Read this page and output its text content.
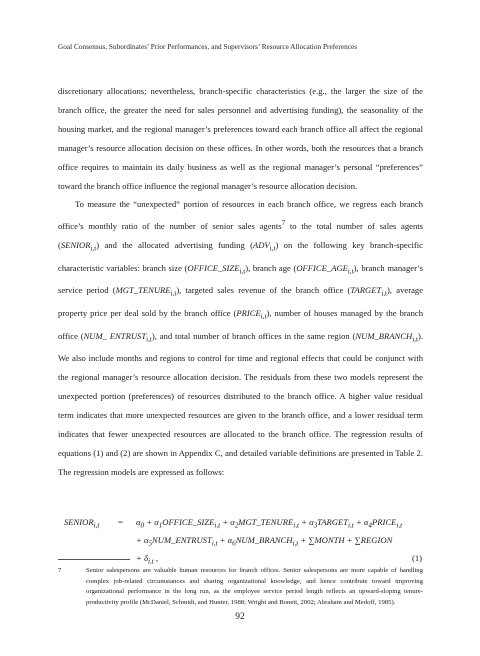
Goal Consensus, Subordinates’ Prior Performances, and Supervisors’ Resource Allocation Preferences

discretionary allocations; nevertheless, branch-specific characteristics (e.g., the larger the size of the branch office, the greater the need for sales personnel and advertising funding), the seasonality of the housing market, and the regional manager’s preferences toward each branch office all affect the regional manager’s resource allocation decision on these offices. In other words, both the resources that a branch office requires to maintain its daily business as well as the regional manager’s personal “preferences” toward the branch office influence the regional manager’s resource allocation decision.

To measure the “unexpected” portion of resources in each branch office, we regress each branch office’s monthly ratio of the number of senior sales agents$^7$ to the total number of sales agents $(SENIOR_{i,t})$ and the allocated advertising funding $(ADV_{i,t})$ on the following key branch-specific characteristic variables: branch size $(OFFICE\_SIZE_{i,t})$, branch age $(OFFICE\_AGE_{i,t})$, branch manager’s service period $(MGT\_TENURE_{i,t})$, targeted sales revenue of the branch office $(TARGET_{i,t})$, average property price per deal sold by the branch office $(PRICE_{i,t})$, number of houses managed by the branch office (NUM_ $ENTRUST_{i,t}$), and total number of branch offices in the same region $(NUM\_BRANCH_{i,t})$. We also include months and regions to control for time and regional effects that could be conjunct with the regional manager’s resource allocation decision. The residuals from these two models represent the unexpected portion (preferences) of resources distributed to the branch office. A higher value residual term indicates that more unexpected resources are given to the branch office, and a lower residual term indicates that fewer unexpected resources are allocated to the branch office. The regression results of equations (1) and (2) are shown in Appendix C, and detailed variable definitions are presented in Table 2. The regression models are expressed as follows:

$SENIOR_{i,t}$	=	$\alpha_0$ + $\alpha_1OFFICE\_SIZE_{i,t}$ + $\alpha_2MGT\_TENURE_{i,t}$ + $\alpha_3TARGET_{i,t}$ + $\alpha_4PRICE_{i,t}$
+ $\alpha_5NUM\_ENTRUST_{i,t}$ + $\alpha_6NUM\_BRANCH_{i,t}$ + ∑MONTH + ∑REGION
+ $\delta_{i,t}$ ,	(1)
7	Senior salespersons are valuable human resources for branch offices. Senior salespersons are more capable of handling complex job-related circumstances and sharing organizational knowledge, and hence contribute toward improving organizational performance in the long run, as the employee service period length reflects an upward-sloping tenure-productivity profile (McDaniel, Schmidt, and Hunter, 1988; Wright and Bonett, 2002; Abraham and Medoff, 1985).
92
